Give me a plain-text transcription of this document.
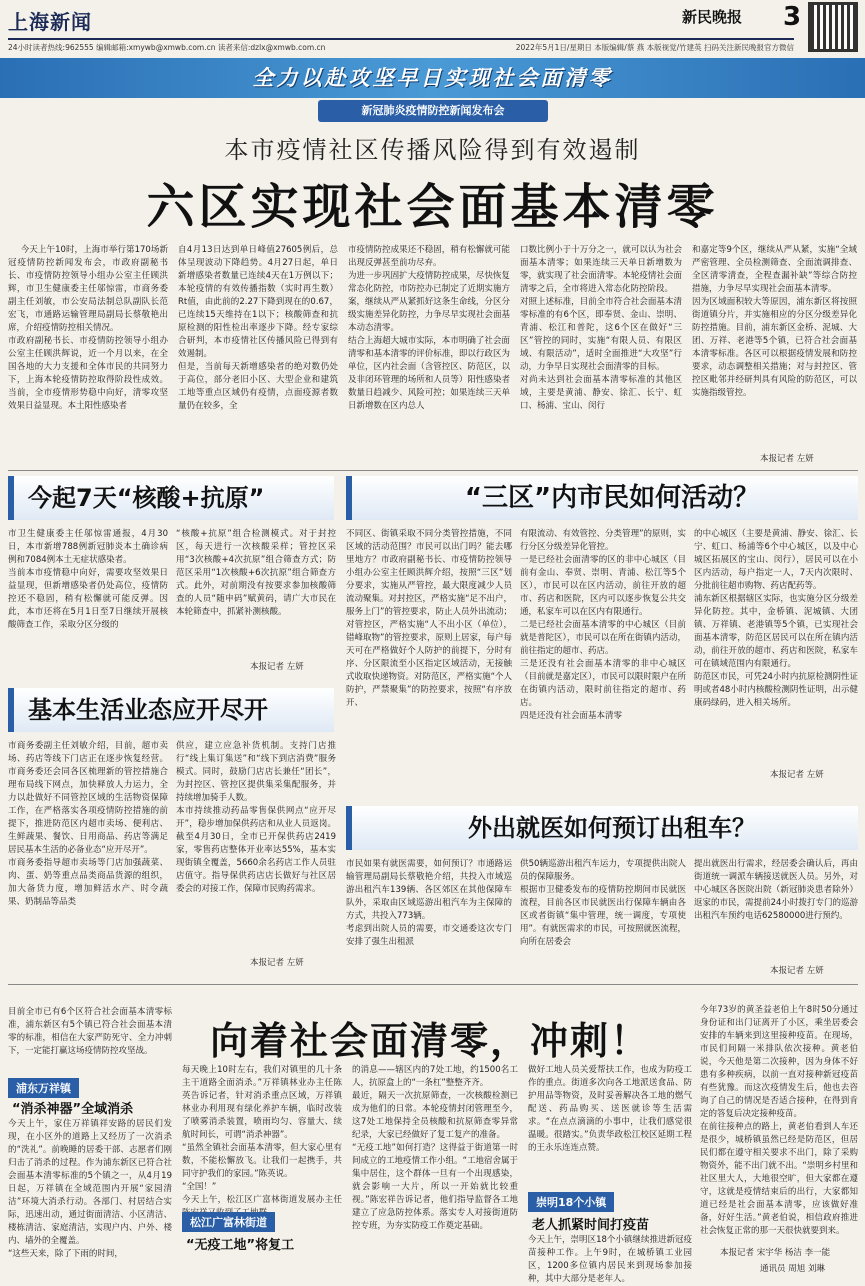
上海新闻	新民晚报 3
24小时读者热线:962555 编辑邮箱:xmywb@xmwb.com.cn 读者来信:dzlx@xmwb.com.cn	2022年5月1日/星期日 本版编辑/蔡 燕 本版视觉/竹建英 扫码关注新民晚报官方微信
全力以赴攻坚早日实现社会面清零
新冠肺炎疫情防控新闻发布会
本市疫情社区传播风险得到有效遏制
六区实现社会面基本清零
今天上午10时，上海市举行第170场新冠疫情防控新闻发布会，市政府副秘书长、市疫情防控领导小组办公室主任顾洪辉，市卫生健康委主任邬惊雷，市商务委副主任刘敏，市公安局法制总队副队长范宏飞，市通路运输管理局副局长蔡敬艳出席，介绍疫情防控相关情况。
市政府副秘书长、市疫情防控领导小组办公室主任顾洪辉说，近一个月以来，在全国各地的大力支援和全体市民的共同努力下，上海本轮疫情防控取得阶段性成效。当前，全市疫情形势稳中向好，清零攻坚效果日益显现。本土阳性感染者
自4月13日达到单日峰值27605例后，总体呈现波动下降趋势。4月27日起，单日新增感染者数量已连续4天在1万例以下；本轮疫情的有效传播指数（实时再生数）Rt值，由此前的2.27下降到现在的0.67，已连续15天维持在1以下；核酸筛查和抗原检测的阳性检出率逐步下降。经专家综合研判，本市疫情社区传播风险已得到有效遏制。
但是，当前每天新增感染者的绝对数仍处于高位，部分老旧小区、大型企业和建筑工地等重点区域仍有疫情，点面疫源者数量仍在较多，全
市疫情防控成果还不稳固，稍有松懈就可能出现反弹甚至前功尽弃。
为进一步巩固扩大疫情防控成果，尽快恢复常态化防控，市防控办已制定了近期实施方案，继续从严从紧抓好这条生命线，分区分级实施差异化防控，力争尽早实现社会面基本动态清零。
结合上海超大城市实际，本市明确了社会面清零和基本清零的评价标准，即以行政区为单位，区内社会面（含管控区、防范区，以及非闭环管理的场所和人员等）阳性感染者数量日趋减少、风险可控；如果连续三天单日新增数在区内总人
口数比例小于十万分之一，就可以认为社会面基本清零；如果连续三天单日新增数为零，就实现了社会面清零。本轮疫情社会面清零之后，全市将进入常态化防控阶段。
对照上述标准，目前全市符合社会面基本清零标准的有6个区，即奉贤、金山、崇明、青浦、松江和普陀，这6个区在做好“三区”管控的同时，实施“有限人员、有限区域、有限活动”，适时全面推进“大攻坚”行动，力争早日实现社会面清零的目标。
对尚未达到社会面基本清零标准的其他区域，主要是黄浦、静安、徐汇、长宁、虹口、杨浦、宝山、闵行
和嘉定等9个区，继续从严从紧，实施“全域严密管理、全员检测筛查、全面流调排查、全区清零清查，全程查漏补缺”等综合防控措施，力争尽早实现社会面基本清零。
因为区域面积较大等原因，浦东新区将按照街道镇分片，并实施相应的分区分级差异化防控措施。目前，浦东新区金桥、泥城、大团、万祥、老港等5个镇，已符合社会面基本清零标准。各区可以根据疫情发展和防控要求，动态调整相关措施；对与封控区、管控区毗邻并经研判具有风险的防范区，可以实施指级管控。
本报记者 左妍
今起7天“核酸+抗原”
市卫生健康委主任邬惊雷通报，4月30日，本市新增788例新冠肺炎本土确诊病例和7084例本土无症状感染者。
当前本市疫情稳中向好，需要攻坚效果日益显现，但新增感染者仍处高位，疫情防控还不稳固，稍有松懈就可能反弹。因此，本市还将在5月1日至7日继续开展核酸筛查工作，采取分区分级的
“核酸+抗原”组合检测模式。对于封控区，每天进行一次核酸采样；管控区采用“3次核酸+4次抗原”组合筛查方式；防范区采用“1次核酸+6次抗原”组合筛查方式。此外，对前期没有按要求参加核酸筛查的人员“随申码”赋黄码，请广大市民在本轮筛查中，抓紧补测核酸。
本报记者 左妍
基本生活业态应开尽开
市商务委副主任刘敏介绍，目前，超市卖场、药店等线下门店正在逐步恢复经营。市商务委还会同各区梳理新的管控措施合理布局线下网点，加快释放人力运力，全力以赴做好不同管控区域的生活物资保障工作，在严格落实各项疫情防控措施的前提下，推进防范区内超市卖场、便利店、生鲜蔬果、餐饮、日用商品、药店等满足居民基本生活的必备业态“应开尽开”。
市商务委指导超市卖场等门店加强蔬菜、肉、蛋、奶等重点品类商品货源的组织，加大备货力度，增加鲜活水产、时令蔬果、奶制品等品类
供应，建立应急补货机制。支持门店推行“线上集订集送”和“线下到店消费”服务模式。同时，鼓励门店店长兼任“团长”，为封控区、管控区提供集采集配服务，并持续增加骑手人数。
本市持续推动药品零售保供网点“应开尽开”，稳步增加保供药店和从业人员返岗。截至4月30日，全市已开保供药店2419家，零售药店整体开业率达55%，基本实现街镇全覆盖，5660余名药店工作人员驻店值守。指导保供药店店长做好与社区居委会的对接工作，保障市民购药需求。
本报记者 左妍
“三区”内市民如何活动？
不同区、街镇采取不同分类管控措施，不同区域的活动范围？市民可以出门吗？能去哪里地方？市政府副秘书长、市疫情防控领导小组办公室主任顾洪辉介绍，按照“三区”划分要求，实施从严管控，最大限度减少人员流动聚集。对封控区，严格实施“足不出户，服务上门”的管控要求，防止人员外出流动；对管控区，严格实施“人不出小区（单位），错峰取物”的管控要求，原则上居家，每户每天可在严格做好个人防护的前提下，分时有序、分区限流至小区指定区域活动，无接触式收取快递物资。对防范区，严格实施“个人防护，严禁聚集”的防控要求，按照“有序放开、
有限流动、有效管控、分类管理”的原则，实行分区分级差异化管控。
一是已经社会面清零的区的非中心城区（目前有金山、奉贤、崇明、青浦、松江等5个区），市民可以在区内活动，前往开放的超市、药店和医院，区内可以逐步恢复公共交通，私家车可以在区内有限通行。
二是已经社会面基本清零的中心城区（目前就是普陀区），市民可以在所在街镇内活动，前往指定的超市、药店。
三是还没有社会面基本清零的非中心城区（目前就是嘉定区），市民可以限时限户在所在街镇内活动，限时前往指定的超市、药店。
四是还没有社会面基本清零
的中心城区（主要是黄浦、静安、徐汇、长宁、虹口、杨浦等6个中心城区，以及中心城区拓展区的宝山、闵行），居民可以在小区内活动，每户指定一人，7天内次限时、分批前往超市购物、药店配药等。
浦东新区根据辖区实际，也实施分区分级差异化防控。其中，金桥镇、泥城镇、大团镇、万祥镇、老港镇等5个镇，已实现社会面基本清零，防范区居民可以在所在镇内活动，前往开放的超市、药店和医院，私家车可在镇域范围内有限通行。
防范区市民，可凭24小时内抗原检测阴性证明或者48小时内核酸检测阴性证明，出示健康码绿码，进入相关场所。
本报记者 左妍
外出就医如何预订出租车？
市民如果有就医需要，如何预订？市通路运输管理局副局长蔡敬艳介绍，共投入市域巡游出租汽车139辆、各区郊区在其他保障车队外，采取由区域巡游出租汽车为主保障的方式，共投入773辆。
考虑到出院人员的需要，市交通委这次专门安排了强生出租派
供50辆巡游出租汽车运力，专项提供出院人员的保障服务。
根据市卫健委发布的疫情防控期间市民就医流程，目前各区市民就医出行保障车辆由各区或者街镇“集中管理，统一调度，专项使用”。有就医需求的市民，可按照就医流程，向所在居委会
提出就医出行需求，经居委会确认后，再由街道统一调派车辆接送就医人员。另外，对中心城区各医院出院（新冠肺炎患者除外）返家的市民，需提前24小时拨打专门的巡游出租汽车预约电话62580000进行预约。
本报记者 左妍
目前全市已有6个区符合社会面基本清零标准，浦东新区有5个镇已符合社会面基本清零的标准，相信在大家严防死守、全力冲刺下，一定能打赢这场疫情防控攻坚战。	向着社会面清零，冲刺！
浦东万祥镇
“消杀神器”全域消杀
今天上午，家住万祥镇祥安路的居民们发现，在小区外的道路上又经历了一次消杀的“洗礼”。前晚睡的居委干部、志愿者们刚归击了消杀的过程。作为浦东新区已符合社会面基本清零标准的5个镇之一，从4月19日起，万祥镇在全域范围内开展“家园清洁”环境大消杀行动。各部门、村居结合实际，迅速出动，通过街面清洁、小区清洁、楼栋清洁、家庭清洁，实现户内、户外、楼内、墙外的全覆盖。
“这些天来，除了下雨的时间，
每天晚上10时左右，我们对镇里的几十条主干道路全面消杀。”万祥镇林业办主任陈英告诉记者，针对消杀重点区域，万祥镇林业办利用现有绿化养护车辆，临时改装了喷雾消杀装置，喷雨均匀、容量大、续航时间长，可谓“消杀神器”。
“虽然全镇社会面基本清零，但大家心里有数，不能松懈放飞。让我们一起携手，共同守护我们的家园。”陈英说。
“全国！”
今天上午，松江区广富林街道发展办主任
松江广富林街道
“无疫工地”将复工
的消息——辖区内的7处工地，约1500名工人，抗原盒上的“一条杠”整整齐齐。
最近，隔天一次抗原筛查，一次核酸检测已成为他们的日常。本轮疫情封闭管理至今，这7处工地保持全员核酸和抗原筛查零异常纪录，大家已经做好了复工复产的准备。
“无疫工地”如何打造？这得益于街道第一时间成立的工地疫情工作小组。“工地宿舍属于集中居住，这个群体一旦有一个出现感染，就会影响一大片，所以一开始就比较重视。”陈宏祥告诉记者，他们指导监督各工地建立了应急防控体系。落实专人对接街道防控专班，为夯实防疫工作奠定基础。
做好工地人员关爱帮扶工作，也成为防疫工作的重点。街道多次向各工地派送食品、防护用品等物资，及时妥善解决各工地的燃气配送、药品购买、送医就诊等生活需求。“在点点滴滴的小事中，让我们感觉很温暖。很踏实。”负责华政松江校区延期工程的王永乐连连点赞。
崇明18个小镇
老人抓紧时间打疫苗
今天上午，崇明区18个小镇继续推进新冠疫苗接种工作。上午9时，在城桥镇工业园区，1200多位镇内居民来到现场参加接种，其中大部分是老年人。
今年73岁的黄圣益老伯上午8时50分通过身份证和出门证离开了小区，乘坐居委会安排的车辆来到这里接种疫苗。在现场，市民们间隔一米排队依次接种。黄老伯说，今天他是第二次接种，因为身体不好患有多种疾病，以前一直对接种新冠疫苗有些犹豫。而这次疫情发生后，他也去咨询了自己的情况是否适合接种，在得到肯定的答复后决定接种疫苗。
在前往接种点的路上，黄老伯看到人车还是很少，城桥镇虽然已经是防范区，但居民们都在遵守相关要求不出门，除了采购物资外，能不出门就不出。“崇明乡村里和社区里大人，大地很空旷，但大家都在遵守，这就是疫情结束后的出行，大家都知道已经是社会面基本清零，应该做好准备，好好生活。”黄老伯说，相信政府推进社会恢复正常的那一天很快就要到来。
本报记者 宋宇华 杨洁 李一能
通讯员 周旭 刘琳
